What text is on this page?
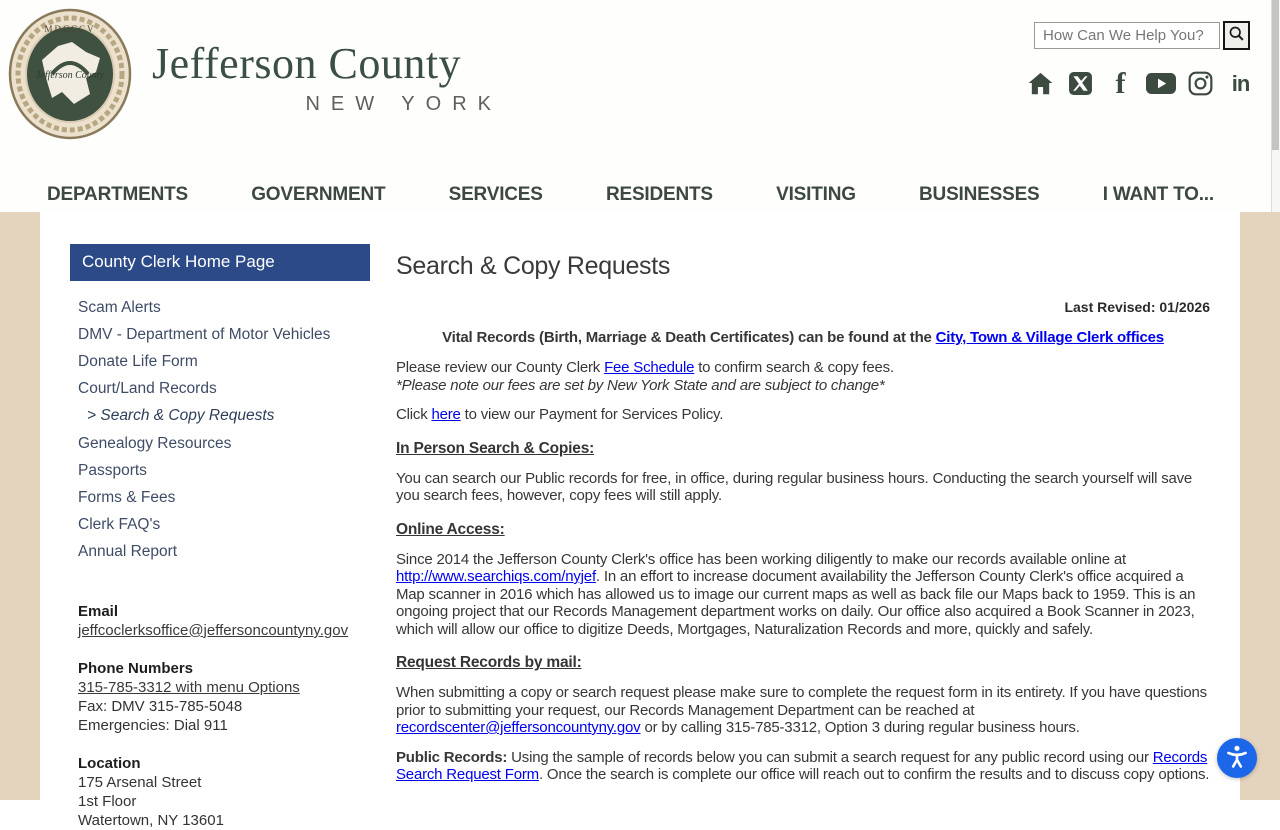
MDCCCV
Jefferson County Jefferson County
NEW YORK
How Can We Help You?
f	in
DEPARTMENTS	GOVERNMENT	SERVICES	RESIDENTS	VISITING	BUSINESSES	I WANT TO...
County Clerk Home Page
Scam Alerts
DMV - Department of Motor Vehicles
Donate Life Form
Court/Land Records
> Search & Copy Requests
Genealogy Resources
Passports
Forms & Fees
Clerk FAQ's
Annual Report
Email
jeffcoclerksoffice@jeffersoncountyny.gov
Phone Numbers
315-785-3312 with menu Options
Fax: DMV 315-785-5048
Emergencies: Dial 911
Location
175 Arsenal Street
1st Floor
Watertown, NY 13601
Search & Copy Requests
Last Revised: 01/2026

Vital Records (Birth, Marriage & Death Certificates) can be found at the City, Town & Village Clerk offices

Please review our County Clerk Fee Schedule to confirm search & copy fees.
*Please note our fees are set by New York State and are subject to change*

Click here to view our Payment for Services Policy.

In Person Search & Copies:

You can search our Public records for free, in office, during regular business hours. Conducting the search yourself will save you search fees, however, copy fees will still apply.

Online Access:

Since 2014 the Jefferson County Clerk's office has been working diligently to make our records available online at http://www.searchiqs.com/nyjef. In an effort to increase document availability the Jefferson County Clerk's office acquired a Map scanner in 2016 which has allowed us to image our current maps as well as back file our Maps back to 1959. This is an ongoing project that our Records Management department works on daily. Our office also acquired a Book Scanner in 2023, which will allow our office to digitize Deeds, Mortgages, Naturalization Records and more, quickly and safely.

Request Records by mail:

When submitting a copy or search request please make sure to complete the request form in its entirety. If you have questions prior to submitting your request, our Records Management Department can be reached at recordscenter@jeffersoncountyny.gov or by calling 315-785-3312, Option 3 during regular business hours.

Public Records: Using the sample of records below you can submit a search request for any public record using our Records Search Request Form. Once the search is complete our office will reach out to confirm the results and to discuss copy options.
